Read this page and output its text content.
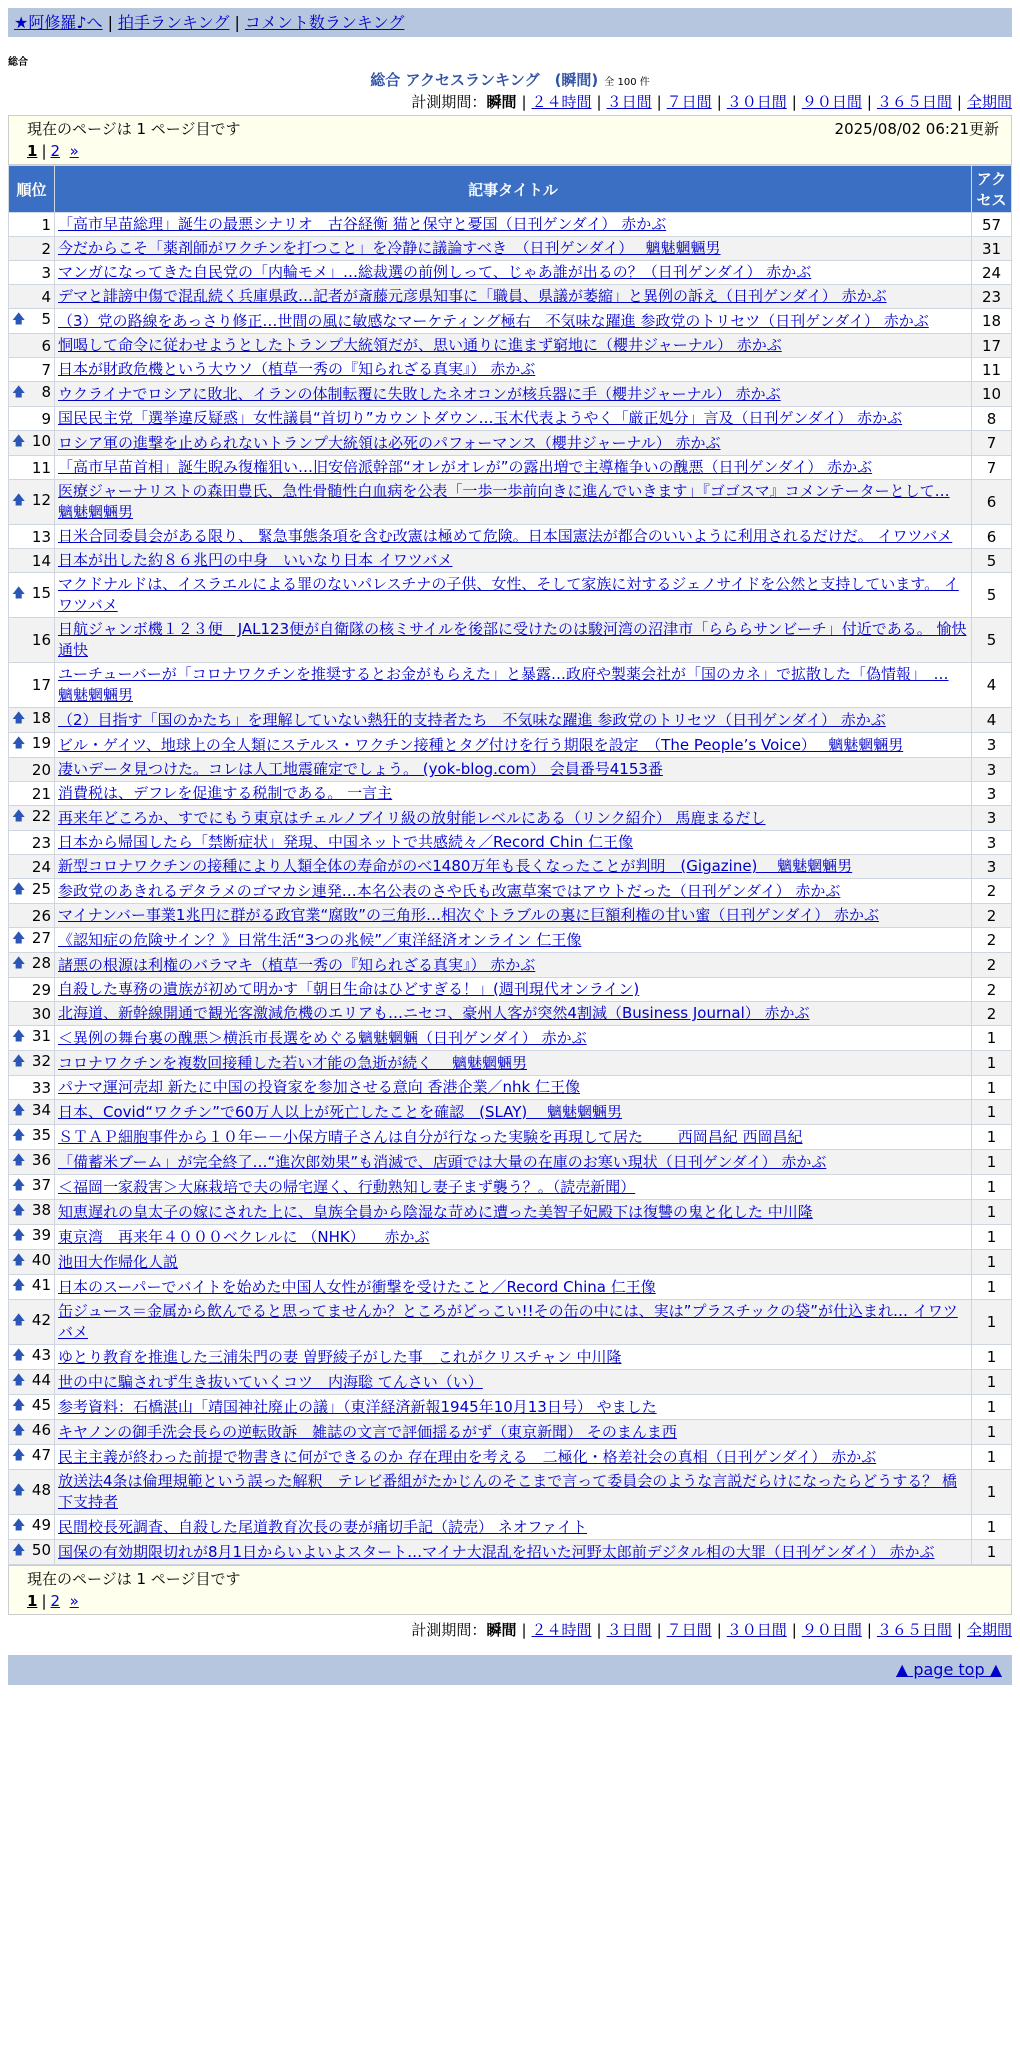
★阿修羅♪へ | 拍手ランキング | コメント数ランキング
総合
総合 アクセスランキング　(瞬間) 全 100 件
計測期間：瞬間 | ２４時間 | ３日間 | ７日間 | ３０日間 | ９０日間 | ３６５日間 | 全期間
現在のページは 1 ページ目です	2025/08/02 06:21更新
1 | 2 »
順位	記事タイトル	アクセス
1	「高市早苗総理」誕生の最悪シナリオ　古谷経衡 猫と保守と憂国（日刊ゲンダイ） 赤かぶ	57
2	今だからこそ「薬剤師がワクチンを打つこと」を冷静に議論すべき　（日刊ゲンダイ）　 魑魅魍魎男	31
3	マンガになってきた自民党の「内輪モメ」…総裁選の前例しって、じゃあ誰が出るの？（日刊ゲンダイ） 赤かぶ	24
4	デマと誹謗中傷で混乱続く兵庫県政…記者が斎藤元彦県知事に「職員、県議が萎縮」と異例の訴え（日刊ゲンダイ） 赤かぶ	23

🡅 5	（3）党の路線をあっさり修正…世間の風に敏感なマーケティング極右　不気味な躍進 参政党のトリセツ（日刊ゲンダイ） 赤かぶ	18
6	恫喝して命令に従わせようとしたトランプ大統領だが、思い通りに進まず窮地に（櫻井ジャーナル） 赤かぶ	17
7	日本が財政危機という大ウソ（植草一秀の『知られざる真実』） 赤かぶ	11

🡅 8	ウクライナでロシアに敗北、イランの体制転覆に失敗したネオコンが核兵器に手（櫻井ジャーナル） 赤かぶ	10
9	国民民主党「選挙違反疑惑」女性議員“首切り”カウントダウン…玉木代表ようやく「厳正処分」言及（日刊ゲンダイ） 赤かぶ	8

🡅 10	ロシア軍の進撃を止められないトランプ大統領は必死のパフォーマンス（櫻井ジャーナル） 赤かぶ	7
11	「高市早苗首相」誕生睨み復権狙い…旧安倍派幹部“オレがオレが”の露出増で主導権争いの醜悪（日刊ゲンダイ） 赤かぶ	7

🡅 12	医療ジャーナリストの森田豊氏、急性骨髄性白血病を公表「一歩一歩前向きに進んでいきます」『ゴゴスマ』コメンテーターとして… 魑魅魍魎男	6
13	日米合同委員会がある限り、 緊急事態条項を含む改憲は極めて危険。日本国憲法が都合のいいように利用されるだけだ。 イワツバメ	6
14	日本が出した約８６兆円の中身　いいなり日本 イワツバメ	5

🡅 15	マクドナルドは、イスラエルによる罪のないパレスチナの子供、女性、そして家族に対するジェノサイドを公然と支持しています。 イワツバメ	5
16	日航ジャンボ機１２３便　JAL123便が自衛隊の核ミサイルを後部に受けたのは駿河湾の沼津市「らららサンビーチ」付近である。 愉快通快	5
17	ユーチューバーが「コロナワクチンを推奨するとお金がもらえた」と暴露…政府や製薬会社が「国のカネ」で拡散した「偽情報」　… 魑魅魍魎男	4

🡅 18	（2）目指す「国のかたち」を理解していない熱狂的支持者たち　不気味な躍進 参政党のトリセツ（日刊ゲンダイ） 赤かぶ	4

🡅 19	ビル・ゲイツ、地球上の全人類にステルス・ワクチン接種とタグ付けを行う期限を設定　（The People’s Voice）　 魑魅魍魎男	3
20	凄いデータ見つけた。コレは人工地震確定でしょう。 (yok-blog.com） 会員番号4153番	3
21	消費税は、デフレを促進する税制である。 一言主	3

🡅 22	再来年どころか、すでにもう東京はチェルノブイリ級の放射能レベルにある（リンク紹介） 馬鹿まるだし	3
23	日本から帰国したら「禁断症状」発現、中国ネットで共感続々／Record Chin 仁王像	3
24	新型コロナワクチンの接種により人類全体の寿命がのべ1480万年も長くなったことが判明　(Gigazine)　 魑魅魍魎男	3

🡅 25	参政党のあきれるデタラメのゴマカシ連発…本名公表のさや氏も改憲草案ではアウトだった（日刊ゲンダイ） 赤かぶ	2
26	マイナンバー事業1兆円に群がる政官業“腐敗”の三角形…相次ぐトラブルの裏に巨額利権の甘い蜜（日刊ゲンダイ） 赤かぶ	2

🡅 27	《認知症の危険サイン？》日常生活“3つの兆候”／東洋経済オンライン 仁王像	2

🡅 28	諸悪の根源は利権のバラマキ（植草一秀の『知られざる真実』） 赤かぶ	2
29	自殺した専務の遺族が初めて明かす「朝日生命はひどすぎる！」(週刊現代オンライン)	2
30	北海道、新幹線開通で観光客激減危機のエリアも…ニセコ、豪州人客が突然4割減（Business Journal） 赤かぶ	2

🡅 31	＜異例の舞台裏の醜悪＞横浜市長選をめぐる魑魅魍魎（日刊ゲンダイ） 赤かぶ	1

🡅 32	コロナワクチンを複数回接種した若い才能の急逝が続く　 魑魅魍魎男	1
33	パナマ運河売却 新たに中国の投資家を参加させる意向 香港企業／nhk 仁王像	1

🡅 34	日本、Covid“ワクチン”で60万人以上が死亡したことを確認　(SLAY)　 魑魅魍魎男	1

🡅 35	ＳＴＡＰ細胞事件から１０年ー－小保方晴子さんは自分が行なった実験を再現して居た　　 西岡昌紀 西岡昌紀	1

🡅 36	「備蓄米ブーム」が完全終了…“進次郎効果”も消滅で、店頭では大量の在庫のお寒い現状（日刊ゲンダイ） 赤かぶ	1

🡅 37	＜福岡一家殺害＞大麻栽培で夫の帰宅遅く、行動熟知し妻子まず襲う？。（読売新聞）	1

🡅 38	知恵遅れの皇太子の嫁にされた上に、皇族全員から陰湿な苛めに遭った美智子妃殿下は復讐の鬼と化した 中川隆	1

🡅 39	東京湾　再来年４０００ベクレルに （NHK） 　赤かぶ	1

🡅 40	池田大作帰化人説	1

🡅 41	日本のスーパーでバイトを始めた中国人女性が衝撃を受けたこと／Record China 仁王像	1

🡅 42	缶ジュース＝金属から飲んでると思ってませんか？ところがどっこい!!その缶の中には、実は”プラスチックの袋”が仕込まれ… イワツバメ	1

🡅 43	ゆとり教育を推進した三浦朱門の妻 曽野綾子がした事＿これがクリスチャン 中川隆	1

🡅 44	世の中に騙されず生き抜いていくコツ　内海聡 てんさい（い）	1

🡅 45	参考資料：石橋湛山「靖国神社廃止の議」（東洋経済新報1945年10月13日号） やました	1

🡅 46	キヤノンの御手洗会長らの逆転敗訴　雑誌の文言で評価揺るがず（東京新聞） そのまんま西	1

🡅 47	民主主義が終わった前提で物書きに何ができるのか 存在理由を考える　二極化・格差社会の真相（日刊ゲンダイ） 赤かぶ	1

🡅 48	放送法4条は倫理規範という誤った解釈　テレビ番組がたかじんのそこまで言って委員会のような言説だらけになったらどうする？ 橋下支持者	1

🡅 49	民間校長死調査、自殺した尾道教育次長の妻が痛切手記（読売） ネオファイト	1

🡅 50	国保の有効期限切れが8月1日からいよいよスタート…マイナ大混乱を招いた河野太郎前デジタル相の大罪（日刊ゲンダイ） 赤かぶ	1
現在のページは 1 ページ目です
1 | 2 »
計測期間：瞬間 | ２４時間 | ３日間 | ７日間 | ３０日間 | ９０日間 | ３６５日間 | 全期間
▲ page top ▲
